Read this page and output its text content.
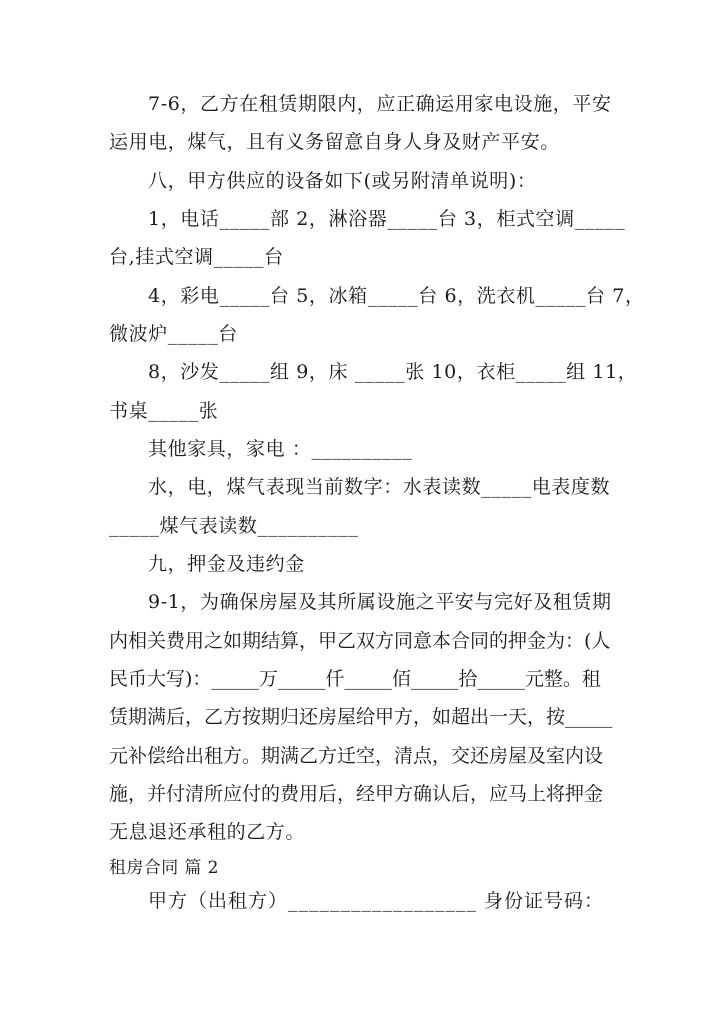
7-6，乙方在租赁期限内，应正确运用家电设施，平安
运用电，煤气，且有义务留意自身人身及财产平安。
八，甲方供应的设备如下(或另附清单说明)：
1，电话_____部 2，淋浴器_____台 3，柜式空调_____
台,挂式空调_____台
4，彩电_____台 5，冰箱_____台 6，洗衣机_____台 7，
微波炉_____台
8，沙发_____组 9，床 _____张 10，衣柜_____组 11，
书桌_____张
其他家具，家电 ：__________
水，电，煤气表现当前数字：水表读数_____电表度数
_____煤气表读数__________
九，押金及违约金
9-1，为确保房屋及其所属设施之平安与完好及租赁期
内相关费用之如期结算，甲乙双方同意本合同的押金为：(人
民币大写)：_____万_____仟_____佰_____拾_____元整。租
赁期满后，乙方按期归还房屋给甲方，如超出一天，按_____
元补偿给出租方。期满乙方迁空，清点，交还房屋及室内设
施，并付清所应付的费用后，经甲方确认后，应马上将押金
无息退还承租的乙方。
租房合同 篇 2
甲方（出租方）__________________ 身份证号码：
